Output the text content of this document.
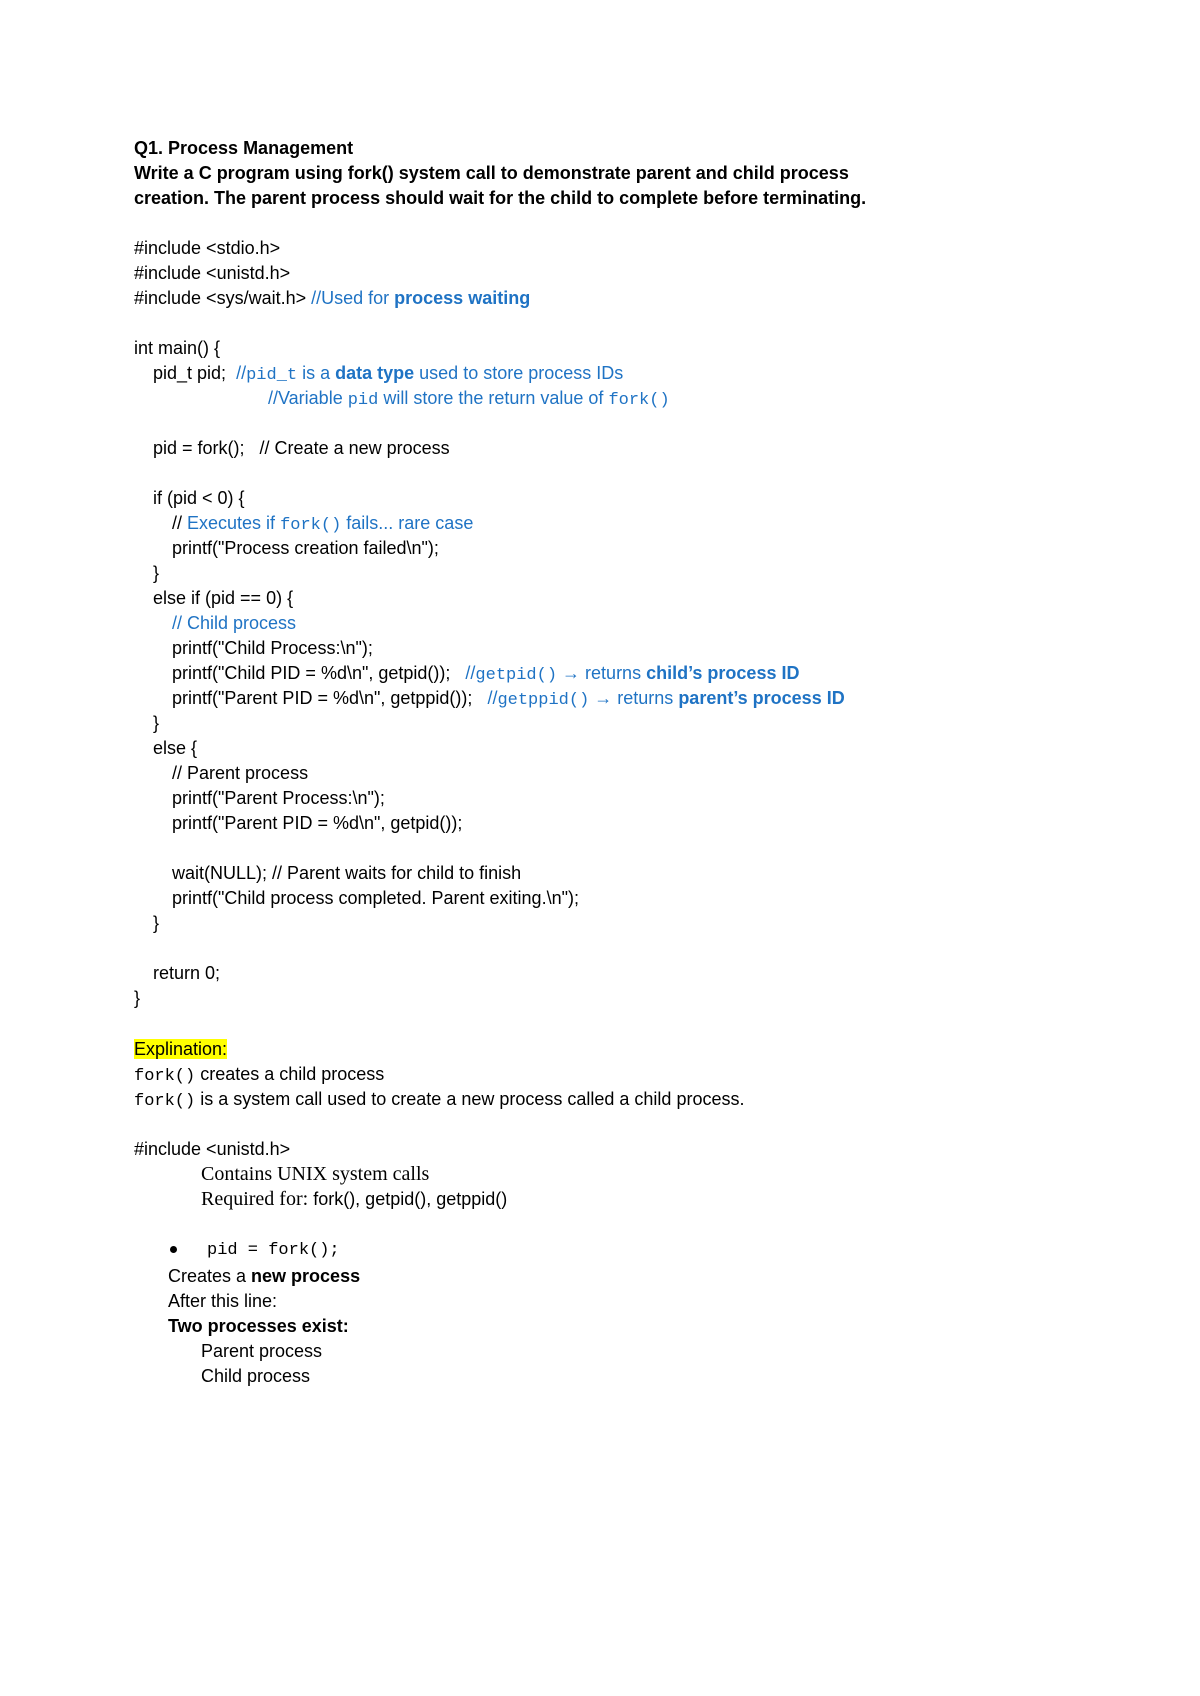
Q1. Process Management
Write a C program using fork() system call to demonstrate parent and child process
creation. The parent process should wait for the child to complete before terminating.
#include <stdio.h>
#include <unistd.h>
#include <sys/wait.h> //Used for process waiting
int main() {
pid_t pid; //pid_t is a data type used to store process IDs
//Variable pid will store the return value of fork()
pid = fork(); // Create a new process
if (pid < 0) {
// Executes if fork() fails... rare case
printf("Process creation failed\n");
}
else if (pid == 0) {
// Child process
printf("Child Process:\n");
printf("Child PID = %d\n", getpid()); //getpid() → returns child’s process ID
printf("Parent PID = %d\n", getppid()); //getppid() → returns parent’s process ID
}
else {
// Parent process
printf("Parent Process:\n");
printf("Parent PID = %d\n", getpid());
wait(NULL); // Parent waits for child to finish
printf("Child process completed. Parent exiting.\n");
}
return 0;
}
Explination:
fork() creates a child process
fork() is a system call used to create a new process called a child process.
#include <unistd.h>
Contains UNIX system calls
Required for: fork(), getpid(), getppid()
pid = fork();
Creates a new process
After this line:
Two processes exist:
Parent process
Child process
